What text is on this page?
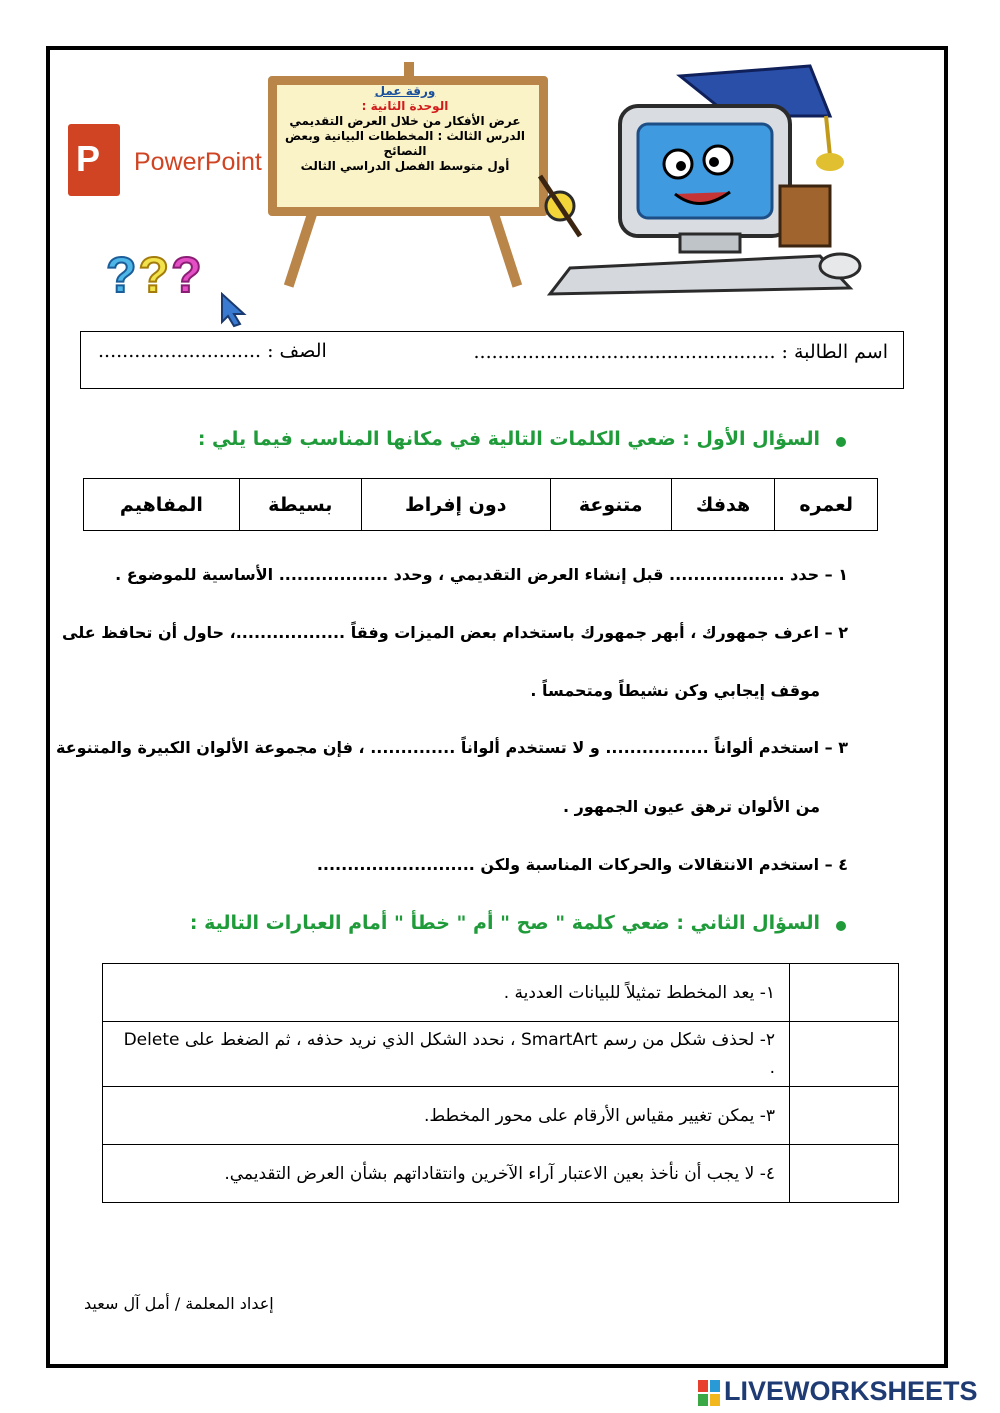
P PowerPoint
ورقة عمل
الوحدة الثانية :
عرض الأفكار من خلال العرض التقديمي
الدرس الثالث : المخططات البيانية وبعض
النصائح
أول متوسط الفصل الدراسي الثالث
???
اسم الطالبة : ..................................................
الصف : ...........................
السؤال الأول : ضعي الكلمات التالية في مكانها المناسب فيما يلي :
لعمره	هدفك	متنوعة	دون إفراط	بسيطة	المفاهيم
١ – حدد ................... قبل إنشاء العرض التقديمي ، وحدد .................. الأساسية للموضوع .
٢ – اعرف جمهورك ، أبهر جمهورك باستخدام بعض الميزات وفقاً ..................، حاول أن تحافظ على
موقف إيجابي وكن نشيطاً ومتحمساً .
٣ – استخدم ألواناً ................. و لا تستخدم ألواناً .............. ، فإن مجموعة الألوان الكبيرة والمتنوعة
من الألوان ترهق عيون الجمهور .
٤ – استخدم الانتقالات والحركات المناسبة ولكن ..........................
السؤال الثاني : ضعي كلمة " صح " أم " خطأ " أمام العبارات التالية :
	١- يعد المخطط تمثيلاً للبيانات العددية .
	٢- لحذف شكل من رسم SmartArt ، نحدد الشكل الذي نريد حذفه ، ثم الضغط على Delete .
	٣- يمكن تغيير مقياس الأرقام على محور المخطط.
	٤- لا يجب أن نأخذ بعين الاعتبار آراء الآخرين وانتقاداتهم بشأن العرض التقديمي.
إعداد المعلمة / أمل آل سعيد
LIVEWORKSHEETS
